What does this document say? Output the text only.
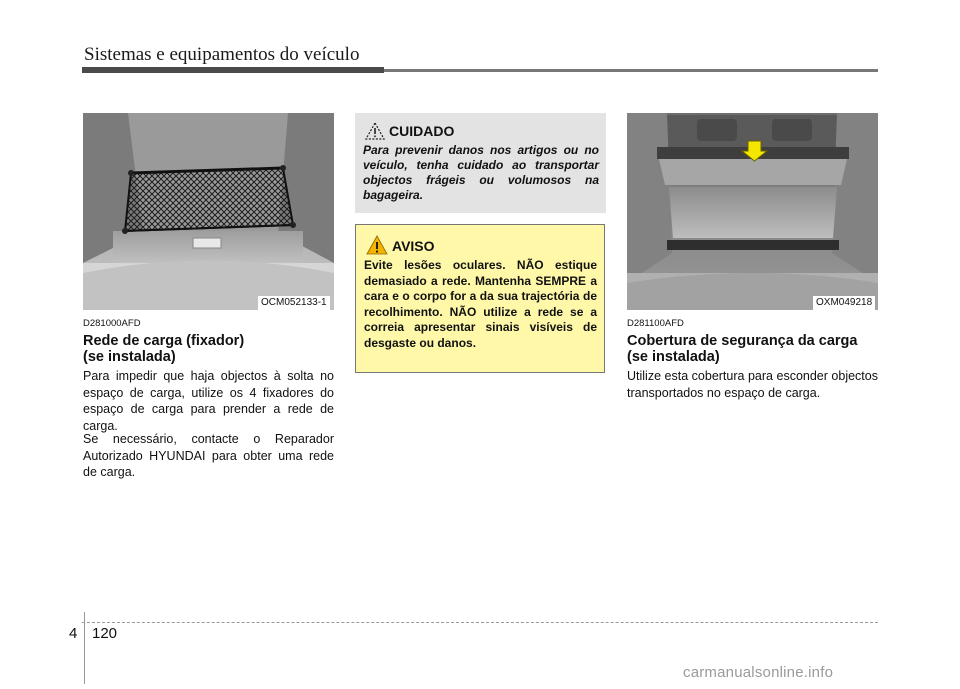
Sistemas e equipamentos do veículo
OCM052133-1
D281000AFD
Rede de carga (fixador)
(se instalada)

Para impedir que haja objectos à solta no espaço de carga, utilize os 4 fixadores do espaço de carga para prender a rede de carga.

Se necessário, contacte o Reparador Autorizado HYUNDAI para obter uma rede de carga.

CUIDADO
Para prevenir danos nos artigos ou no veículo, tenha cuidado ao transportar objectos frágeis ou volumosos na bagageira.
AVISO
Evite lesões oculares. NÃO estique demasiado a rede. Mantenha SEMPRE a cara e o corpo for a da sua trajectória de recolhimento. NÃO utilize a rede se a correia apresentar sinais visíveis de desgaste ou danos.
OXM049218
D281100AFD
Cobertura de segurança da carga
(se instalada)

Utilize esta cobertura para esconder objectos transportados no espaço de carga.

4 120
carmanualsonline.info
